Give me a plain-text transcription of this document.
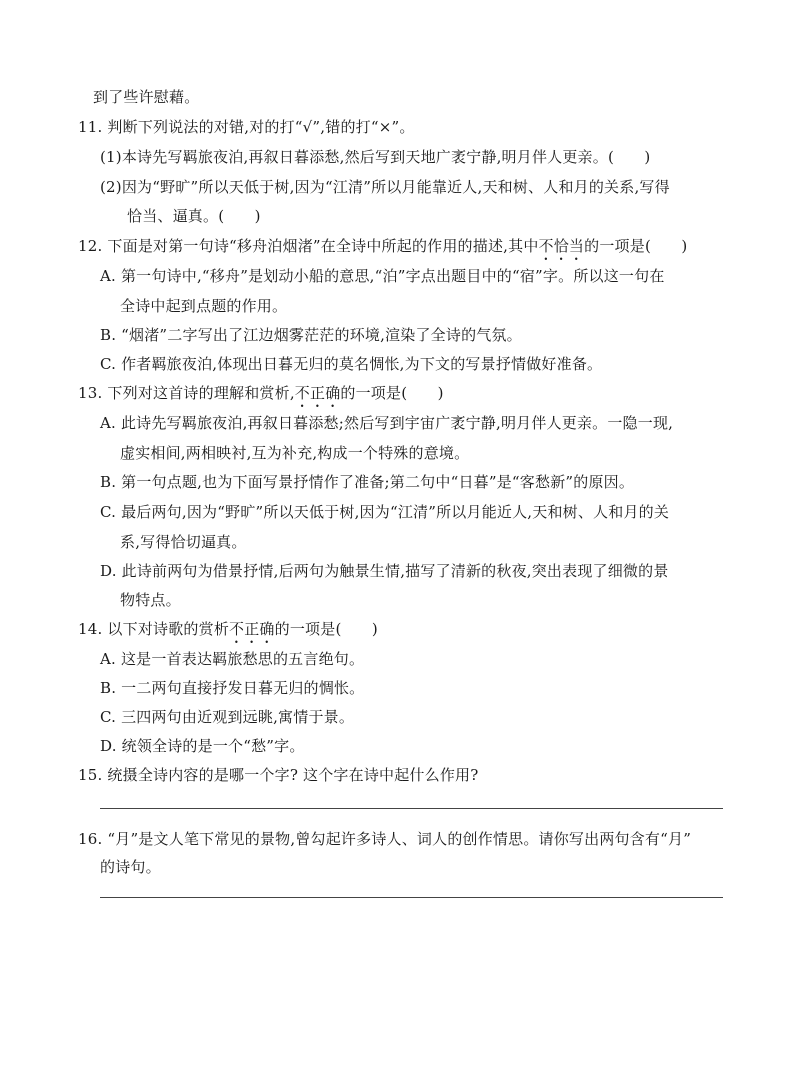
到了些许慰藉。
11. 判断下列说法的对错,对的打“√”,错的打“×”。
(1)本诗先写羁旅夜泊,再叙日暮添愁,然后写到天地广袤宁静,明月伴人更亲。(　　)
(2)因为“野旷”所以天低于树,因为“江清”所以月能靠近人,天和树、人和月的关系,写得
恰当、逼真。(　　)
12. 下面是对第一句诗“移舟泊烟渚”在全诗中所起的作用的描述,其中不恰当的一项是(　　)
A. 第一句诗中,“移舟”是划动小船的意思,“泊”字点出题目中的“宿”字。所以这一句在
全诗中起到点题的作用。
B. “烟渚”二字写出了江边烟雾茫茫的环境,渲染了全诗的气氛。
C. 作者羁旅夜泊,体现出日暮无归的莫名惆怅,为下文的写景抒情做好准备。
13. 下列对这首诗的理解和赏析,不正确的一项是(　　)
A. 此诗先写羁旅夜泊,再叙日暮添愁;然后写到宇宙广袤宁静,明月伴人更亲。一隐一现,
虚实相间,两相映衬,互为补充,构成一个特殊的意境。
B. 第一句点题,也为下面写景抒情作了准备;第二句中“日暮”是“客愁新”的原因。
C. 最后两句,因为“野旷”所以天低于树,因为“江清”所以月能近人,天和树、人和月的关
系,写得恰切逼真。
D. 此诗前两句为借景抒情,后两句为触景生情,描写了清新的秋夜,突出表现了细微的景
物特点。
14. 以下对诗歌的赏析不正确的一项是(　　)
A. 这是一首表达羁旅愁思的五言绝句。
B. 一二两句直接抒发日暮无归的惆怅。
C. 三四两句由近观到远眺,寓情于景。
D. 统领全诗的是一个“愁”字。
15. 统摄全诗内容的是哪一个字? 这个字在诗中起什么作用?
16. “月”是文人笔下常见的景物,曾勾起许多诗人、词人的创作情思。请你写出两句含有“月”
的诗句。
